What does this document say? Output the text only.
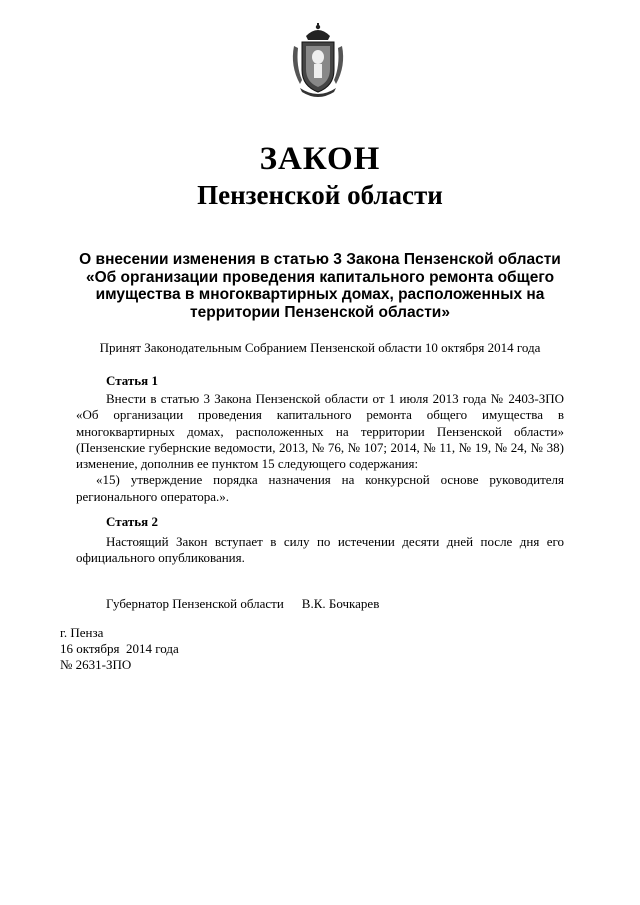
ЗАКОН
Пензенской области
О внесении изменения в статью 3 Закона Пензенской области
«Об организации проведения капитального ремонта общего
имущества в многоквартирных домах, расположенных на
территории Пензенской области»
Принят Законодательным Собранием Пензенской области 10 октября 2014 года
Статья 1

Внести в статью 3 Закона Пензенской области от 1 июля 2013 года № 2403-ЗПО «Об организации проведения капитального ремонта общего имущества в многоквартирных домах, расположенных на территории Пензенской области» (Пензенские губернские ведомости, 2013, № 76, № 107; 2014, № 11, № 19, № 24, № 38) изменение, дополнив ее пунктом 15 следующего содержания:

«15) утверждение порядка назначения на конкурсной основе руководителя регионального оператора.».

Статья 2

Настоящий Закон вступает в силу по истечении десяти дней после дня его официального опубликования.

Губернатор Пензенской области В.К. Бочкарев
г. Пенза
16 октября  2014 года
№ 2631-ЗПО
